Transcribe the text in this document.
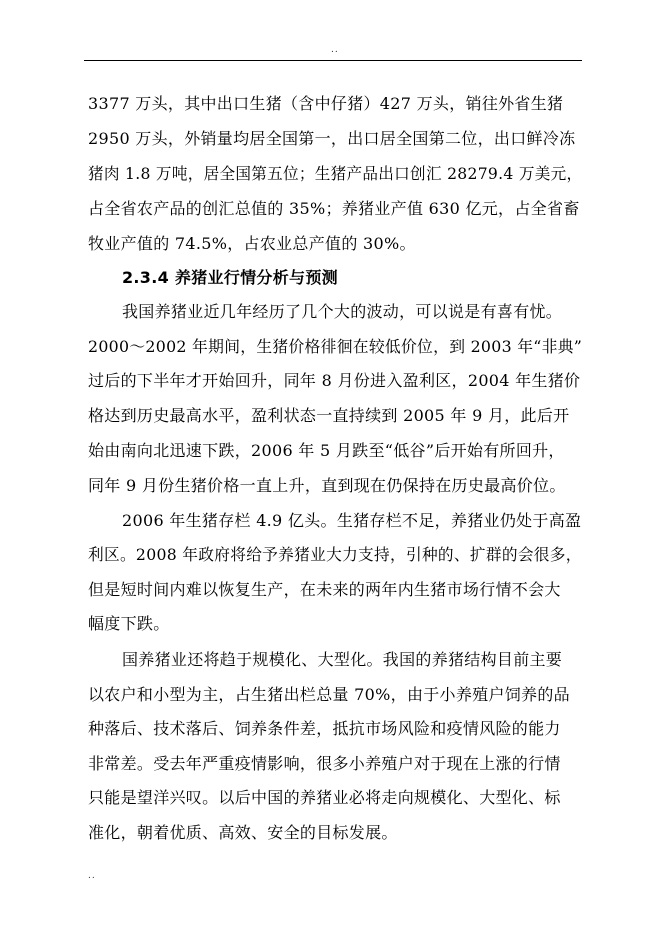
..
3377 万头，其中出口生猪（含中仔猪）427 万头，销往外省生猪
2950 万头，外销量均居全国第一，出口居全国第二位，出口鲜冷冻
猪肉 1.8 万吨，居全国第五位；生猪产品出口创汇 28279.4 万美元，
占全省农产品的创汇总值的 35%；养猪业产值 630 亿元，占全省畜
牧业产值的 74.5%，占农业总产值的 30%。
2.3.4 养猪业行情分析与预测
我国养猪业近几年经历了几个大的波动，可以说是有喜有忧。
2000～2002 年期间，生猪价格徘徊在较低价位，到 2003 年“非典”
过后的下半年才开始回升，同年 8 月份进入盈利区，2004 年生猪价
格达到历史最高水平，盈利状态一直持续到 2005 年 9 月，此后开
始由南向北迅速下跌，2006 年 5 月跌至“低谷”后开始有所回升，
同年 9 月份生猪价格一直上升，直到现在仍保持在历史最高价位。
2006 年生猪存栏 4.9 亿头。生猪存栏不足，养猪业仍处于高盈
利区。2008 年政府将给予养猪业大力支持，引种的、扩群的会很多，
但是短时间内难以恢复生产，在未来的两年内生猪市场行情不会大
幅度下跌。
国养猪业还将趋于规模化、大型化。我国的养猪结构目前主要
以农户和小型为主，占生猪出栏总量 70%，由于小养殖户饲养的品
种落后、技术落后、饲养条件差，抵抗市场风险和疫情风险的能力
非常差。受去年严重疫情影响，很多小养殖户对于现在上涨的行情
只能是望洋兴叹。以后中国的养猪业必将走向规模化、大型化、标
准化，朝着优质、高效、安全的目标发展。
..
